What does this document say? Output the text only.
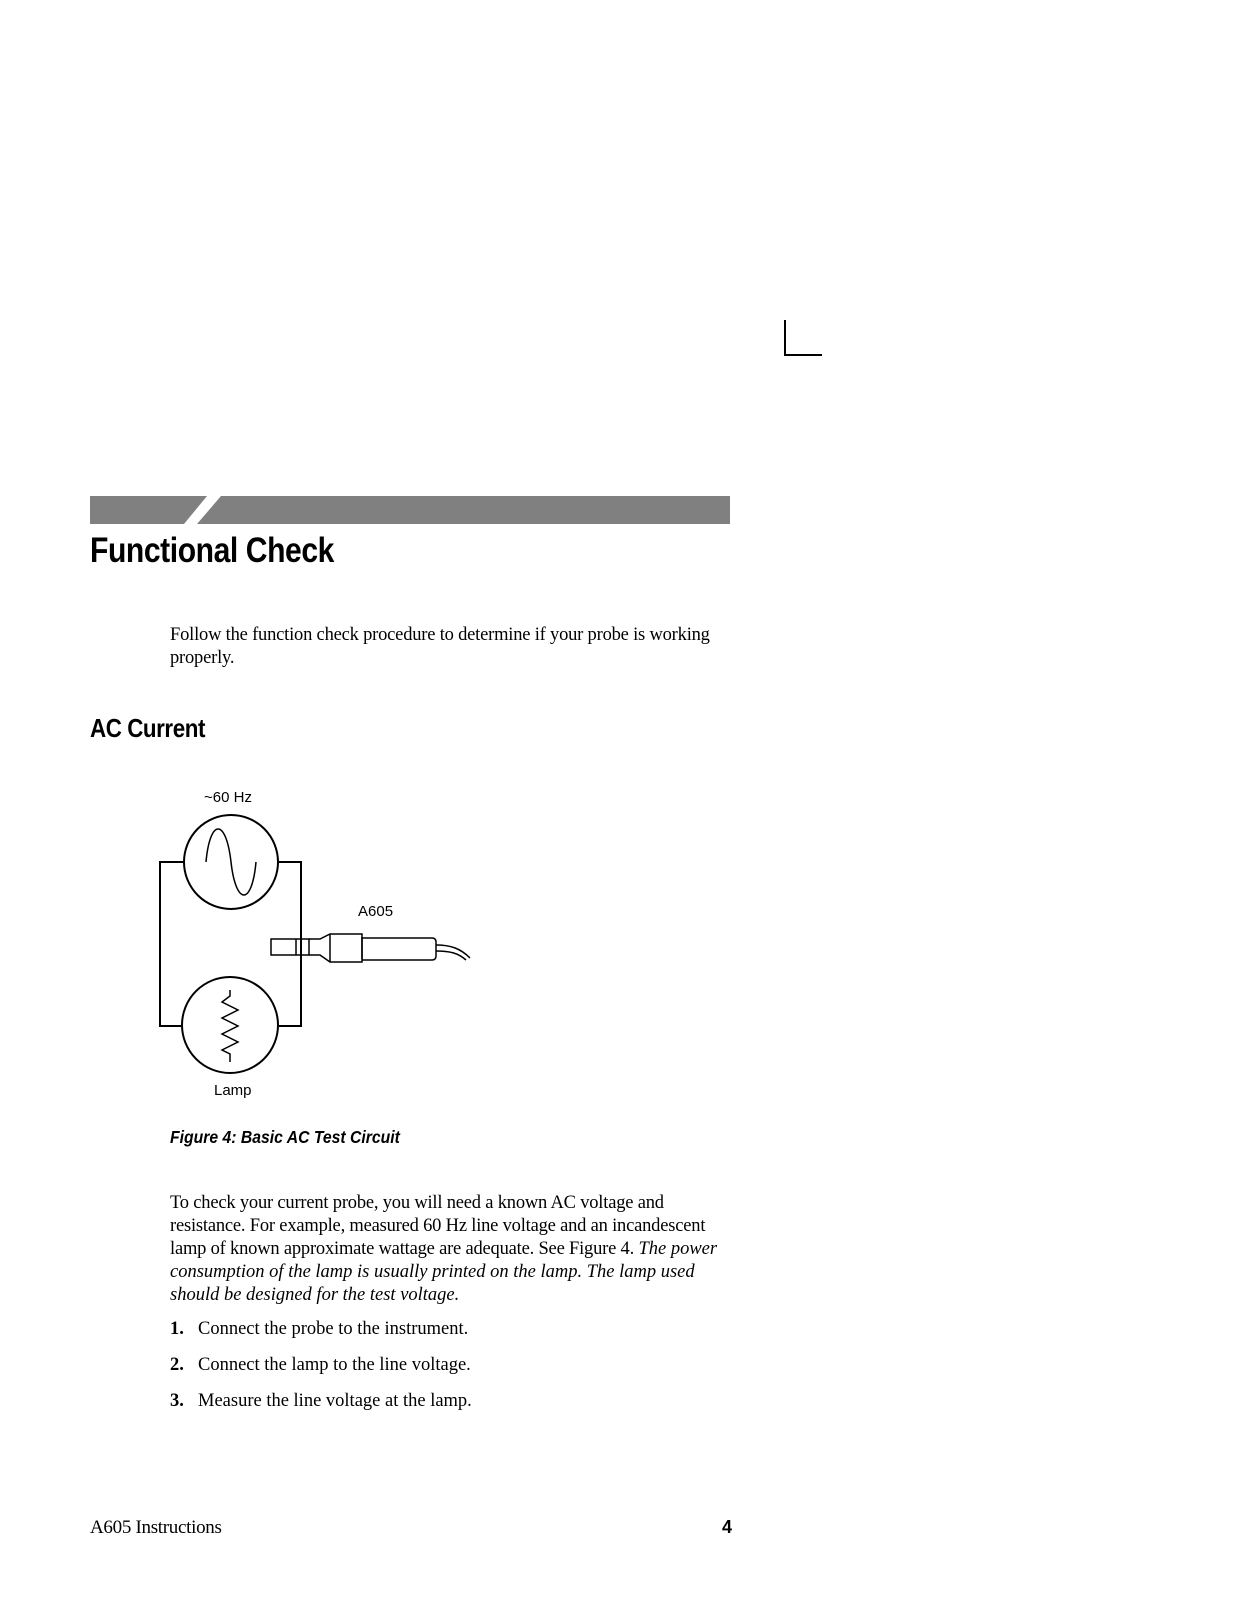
Functional Check

Follow the function check procedure to determine if your probe is working properly.

AC Current
~60 Hz
A605
Lamp

Figure 4: Basic AC Test Circuit

To check your current probe, you will need a known AC voltage and resistance. For example, measured 60 Hz line voltage and an incandescent lamp of known approximate wattage are adequate. See Figure 4. The power consumption of the lamp is usually printed on the lamp. The lamp used should be designed for the test voltage.

1. Connect the probe to the instrument.
2. Connect the lamp to the line voltage.
3. Measure the line voltage at the lamp.
A605 Instructions	4
